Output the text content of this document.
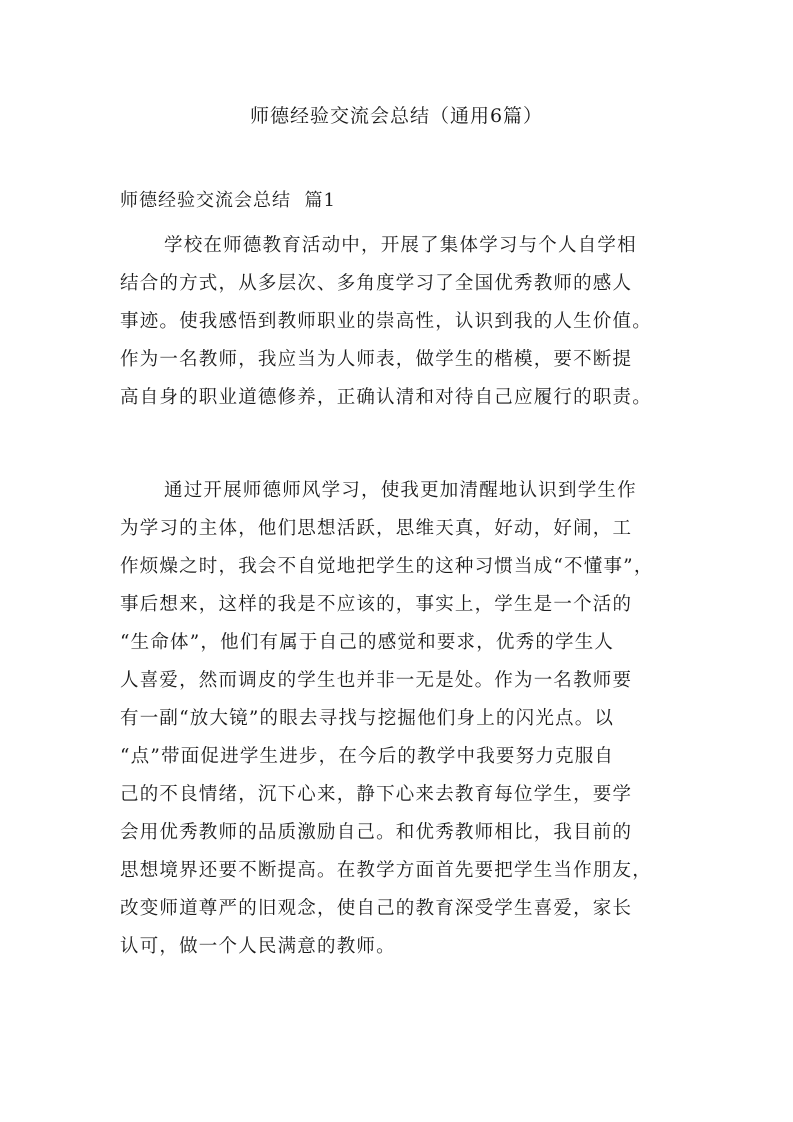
师德经验交流会总结（通用6篇）
师德经验交流会总结  篇1
学校在师德教育活动中，开展了集体学习与个人自学相
结合的方式，从多层次、多角度学习了全国优秀教师的感人
事迹。使我感悟到教师职业的崇高性，认识到我的人生价值。
作为一名教师，我应当为人师表，做学生的楷模，要不断提
高自身的职业道德修养，正确认清和对待自己应履行的职责。
通过开展师德师风学习，使我更加清醒地认识到学生作
为学习的主体，他们思想活跃，思维天真，好动，好闹，工
作烦燥之时，我会不自觉地把学生的这种习惯当成“不懂事”，
事后想来，这样的我是不应该的，事实上，学生是一个活的
“生命体”，他们有属于自己的感觉和要求，优秀的学生人
人喜爱，然而调皮的学生也并非一无是处。作为一名教师要
有一副“放大镜”的眼去寻找与挖掘他们身上的闪光点。以
“点”带面促进学生进步，在今后的教学中我要努力克服自
己的不良情绪，沉下心来，静下心来去教育每位学生，要学
会用优秀教师的品质激励自己。和优秀教师相比，我目前的
思想境界还要不断提高。在教学方面首先要把学生当作朋友，
改变师道尊严的旧观念，使自己的教育深受学生喜爱，家长
认可，做一个人民满意的教师。
